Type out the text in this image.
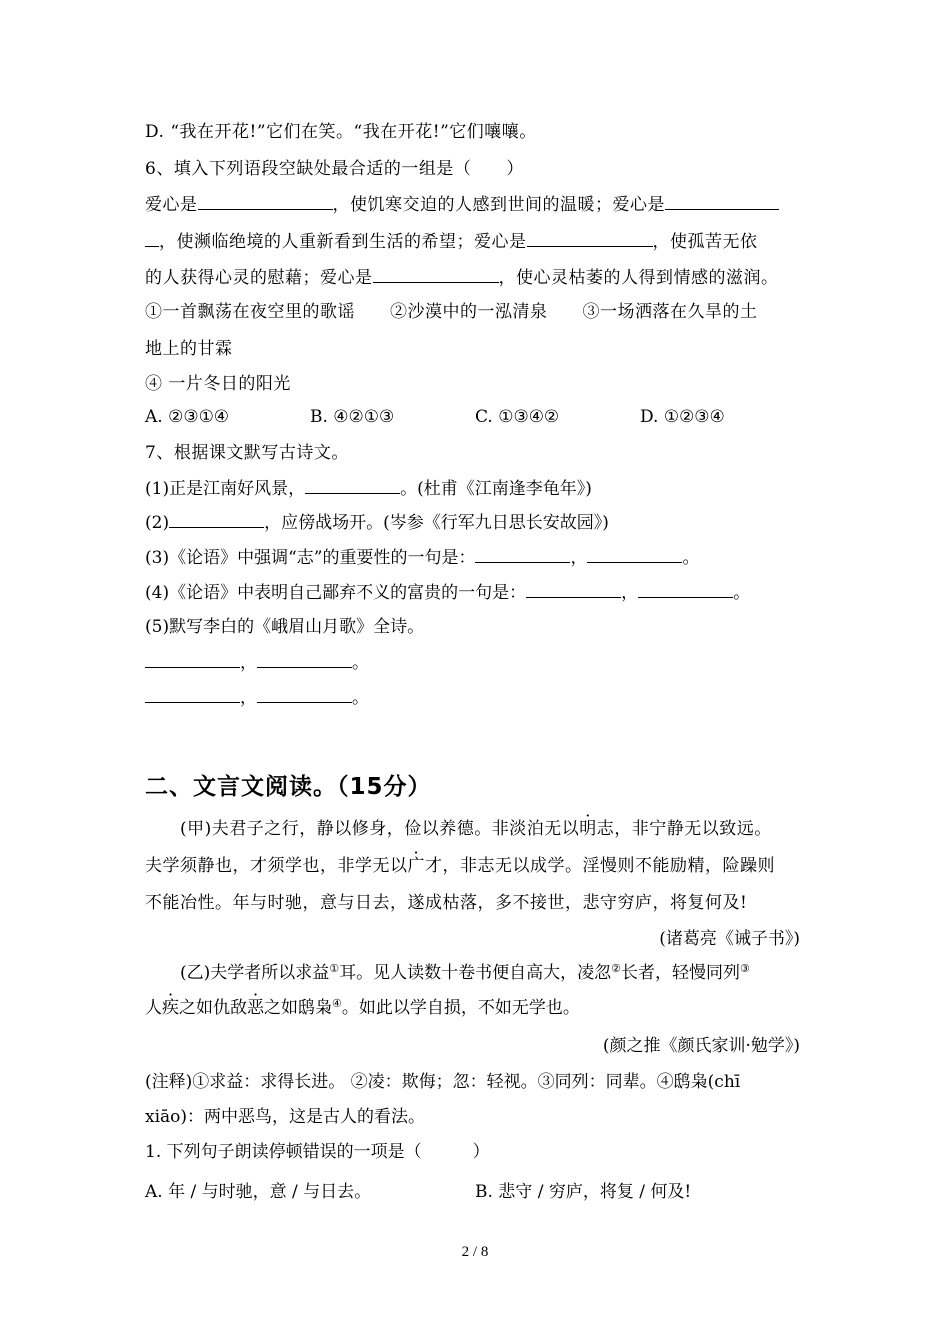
D. “我在开花!”它们在笑。“我在开花!”它们嚷嚷。
6、填入下列语段空缺处最合适的一组是（　　）
爱心是	，使饥寒交迫的人感到世间的温暖；爱心是
，使濒临绝境的人重新看到生活的希望；爱心是	，使孤苦无依
的人获得心灵的慰藉；爱心是	，使心灵枯萎的人得到情感的滋润。
①一首飘荡在夜空里的歌谣　　②沙漠中的一泓清泉　　③一场洒落在久旱的土
地上的甘霖
④ 一片冬日的阳光
A. ②③①④	B. ④②①③	C. ①③④②	D. ①②③④
7、根据课文默写古诗文。
(1)正是江南好风景，	。(杜甫《江南逢李龟年》)
(2)	，应傍战场开。(岑参《行军九日思长安故园》)
(3)《论语》中强调“志”的重要性的一句是：	，	。
(4)《论语》中表明自己鄙弃不义的富贵的一句是：	，	。
(5)默写李白的《峨眉山月歌》全诗。
，	。
，	。
二、文言文阅读。（15分）
(甲)夫君子之行，静以修身，俭以养德。非淡泊无以明志，非宁静无以致远。
夫学须静也，才须学也，非学无以广才，非志无以成学。淫慢则不能励精，险躁则
不能冶性。年与时驰，意与日去，遂成枯落，多不接世，悲守穷庐，将复何及!
(诸葛亮《诫子书》)
(乙)夫学者所以求益①耳。见人读数十卷书便自高大，凌忽②长者，轻慢同列③
人疾 ·之如仇敌恶 ·之如鸱枭④。如此以学自损，不如无学也。
(颜之推《颜氏家训·勉学》)
(注释)①求益：求得长进。 ②凌：欺侮；忽：轻视。③同列：同辈。④鸱枭(chī
xiāo)：两中恶鸟，这是古人的看法。
1. 下列句子朗读停顿错误的一项是（　　　）
A. 年 / 与时驰，意 / 与日去。	B. 悲守 / 穷庐，将复 / 何及!
2 / 8
